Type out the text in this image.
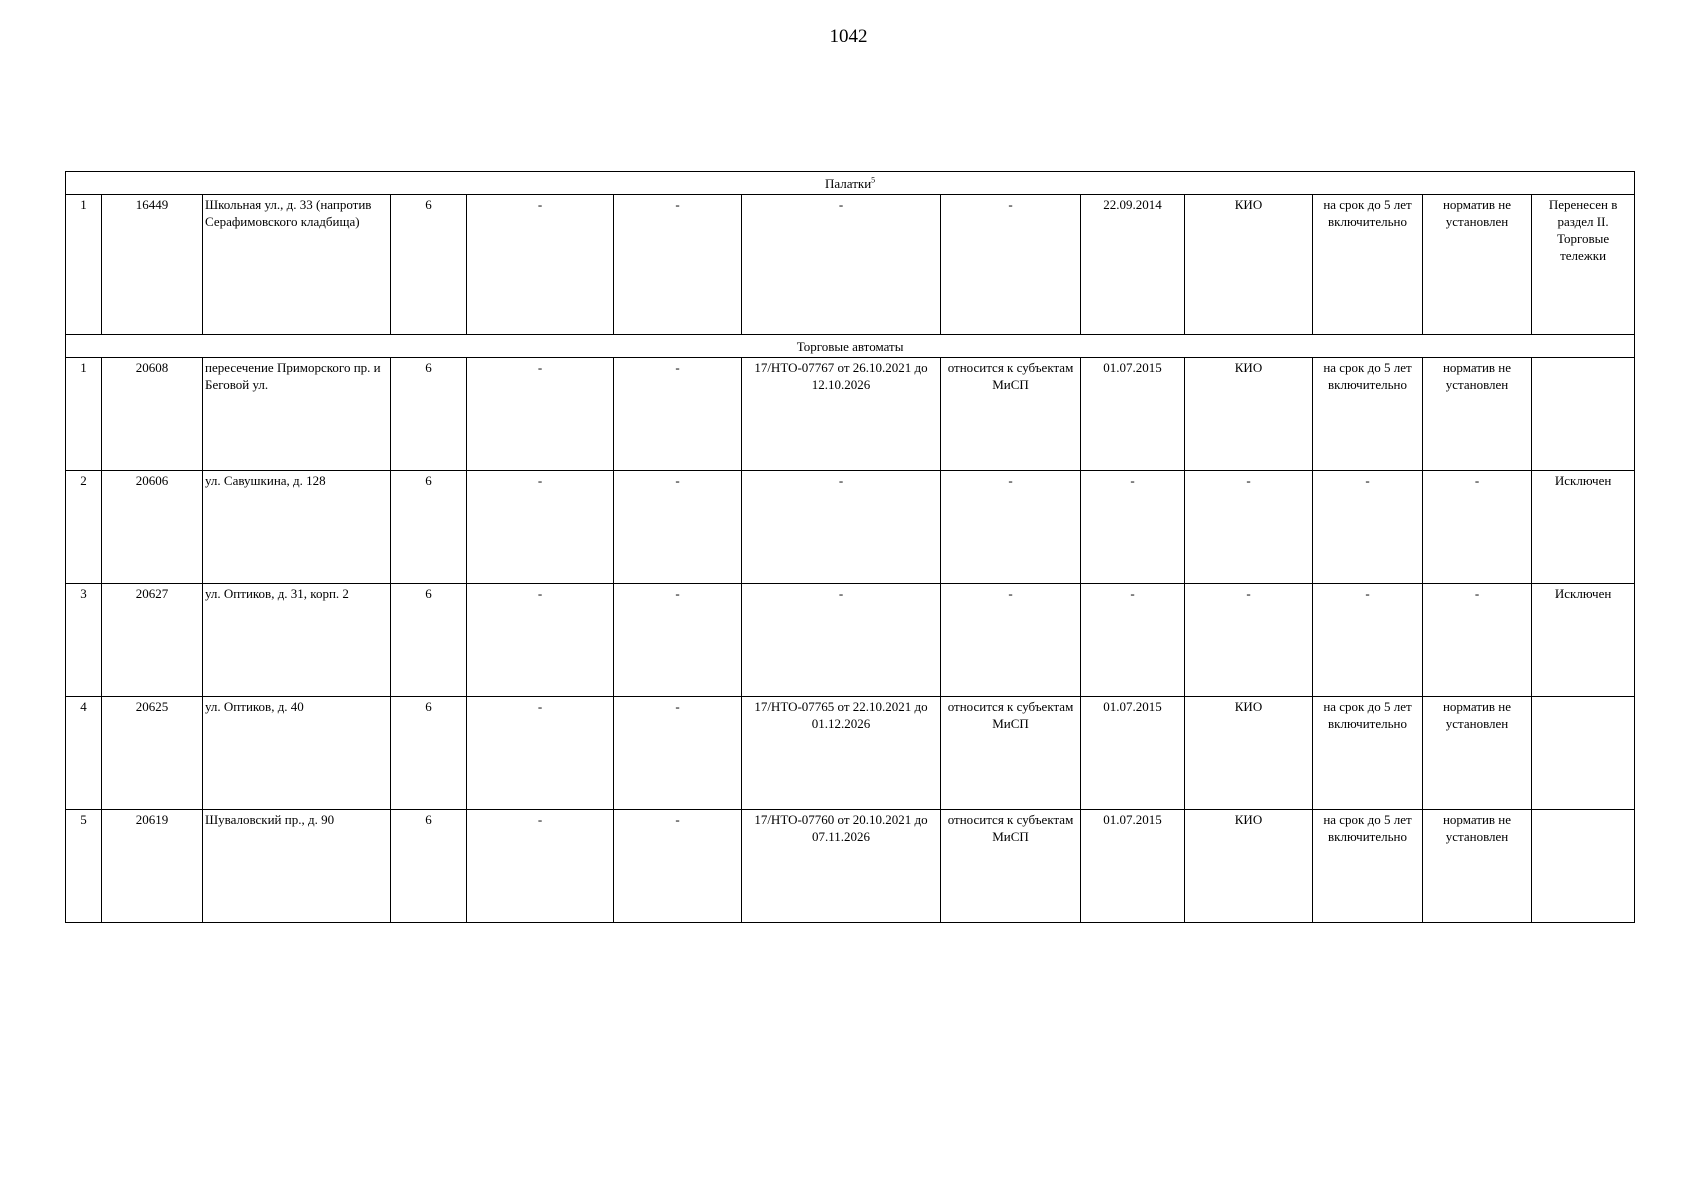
1042
Палатки$^5$
1	16449	Школьная ул., д. 33 (напротив Серафимовского кладбища)	6	-	-	-	-	22.09.2014	КИО	на срок до 5 лет включительно	норматив не установлен	Перенесен в раздел II. Торговые тележки
Торговые автоматы												
1	20608	пересечение Приморского пр. и Беговой ул.	6	-	-	17/НТО-07767 от 26.10.2021 до 12.10.2026	относится к субъектам МиСП	01.07.2015	КИО	на срок до 5 лет включительно	норматив не установлен	
2	20606	ул. Савушкина, д. 128	6	-	-	-	-	-	-	-	-	Исключен
3	20627	ул. Оптиков, д. 31, корп. 2	6	-	-	-	-	-	-	-	-	Исключен
4	20625	ул. Оптиков, д. 40	6	-	-	17/НТО-07765 от 22.10.2021 до 01.12.2026	относится к субъектам МиСП	01.07.2015	КИО	на срок до 5 лет включительно	норматив не установлен	
5	20619	Шуваловский пр., д. 90	6	-	-	17/НТО-07760 от 20.10.2021 до 07.11.2026	относится к субъектам МиСП	01.07.2015	КИО	на срок до 5 лет включительно	норматив не установлен	
